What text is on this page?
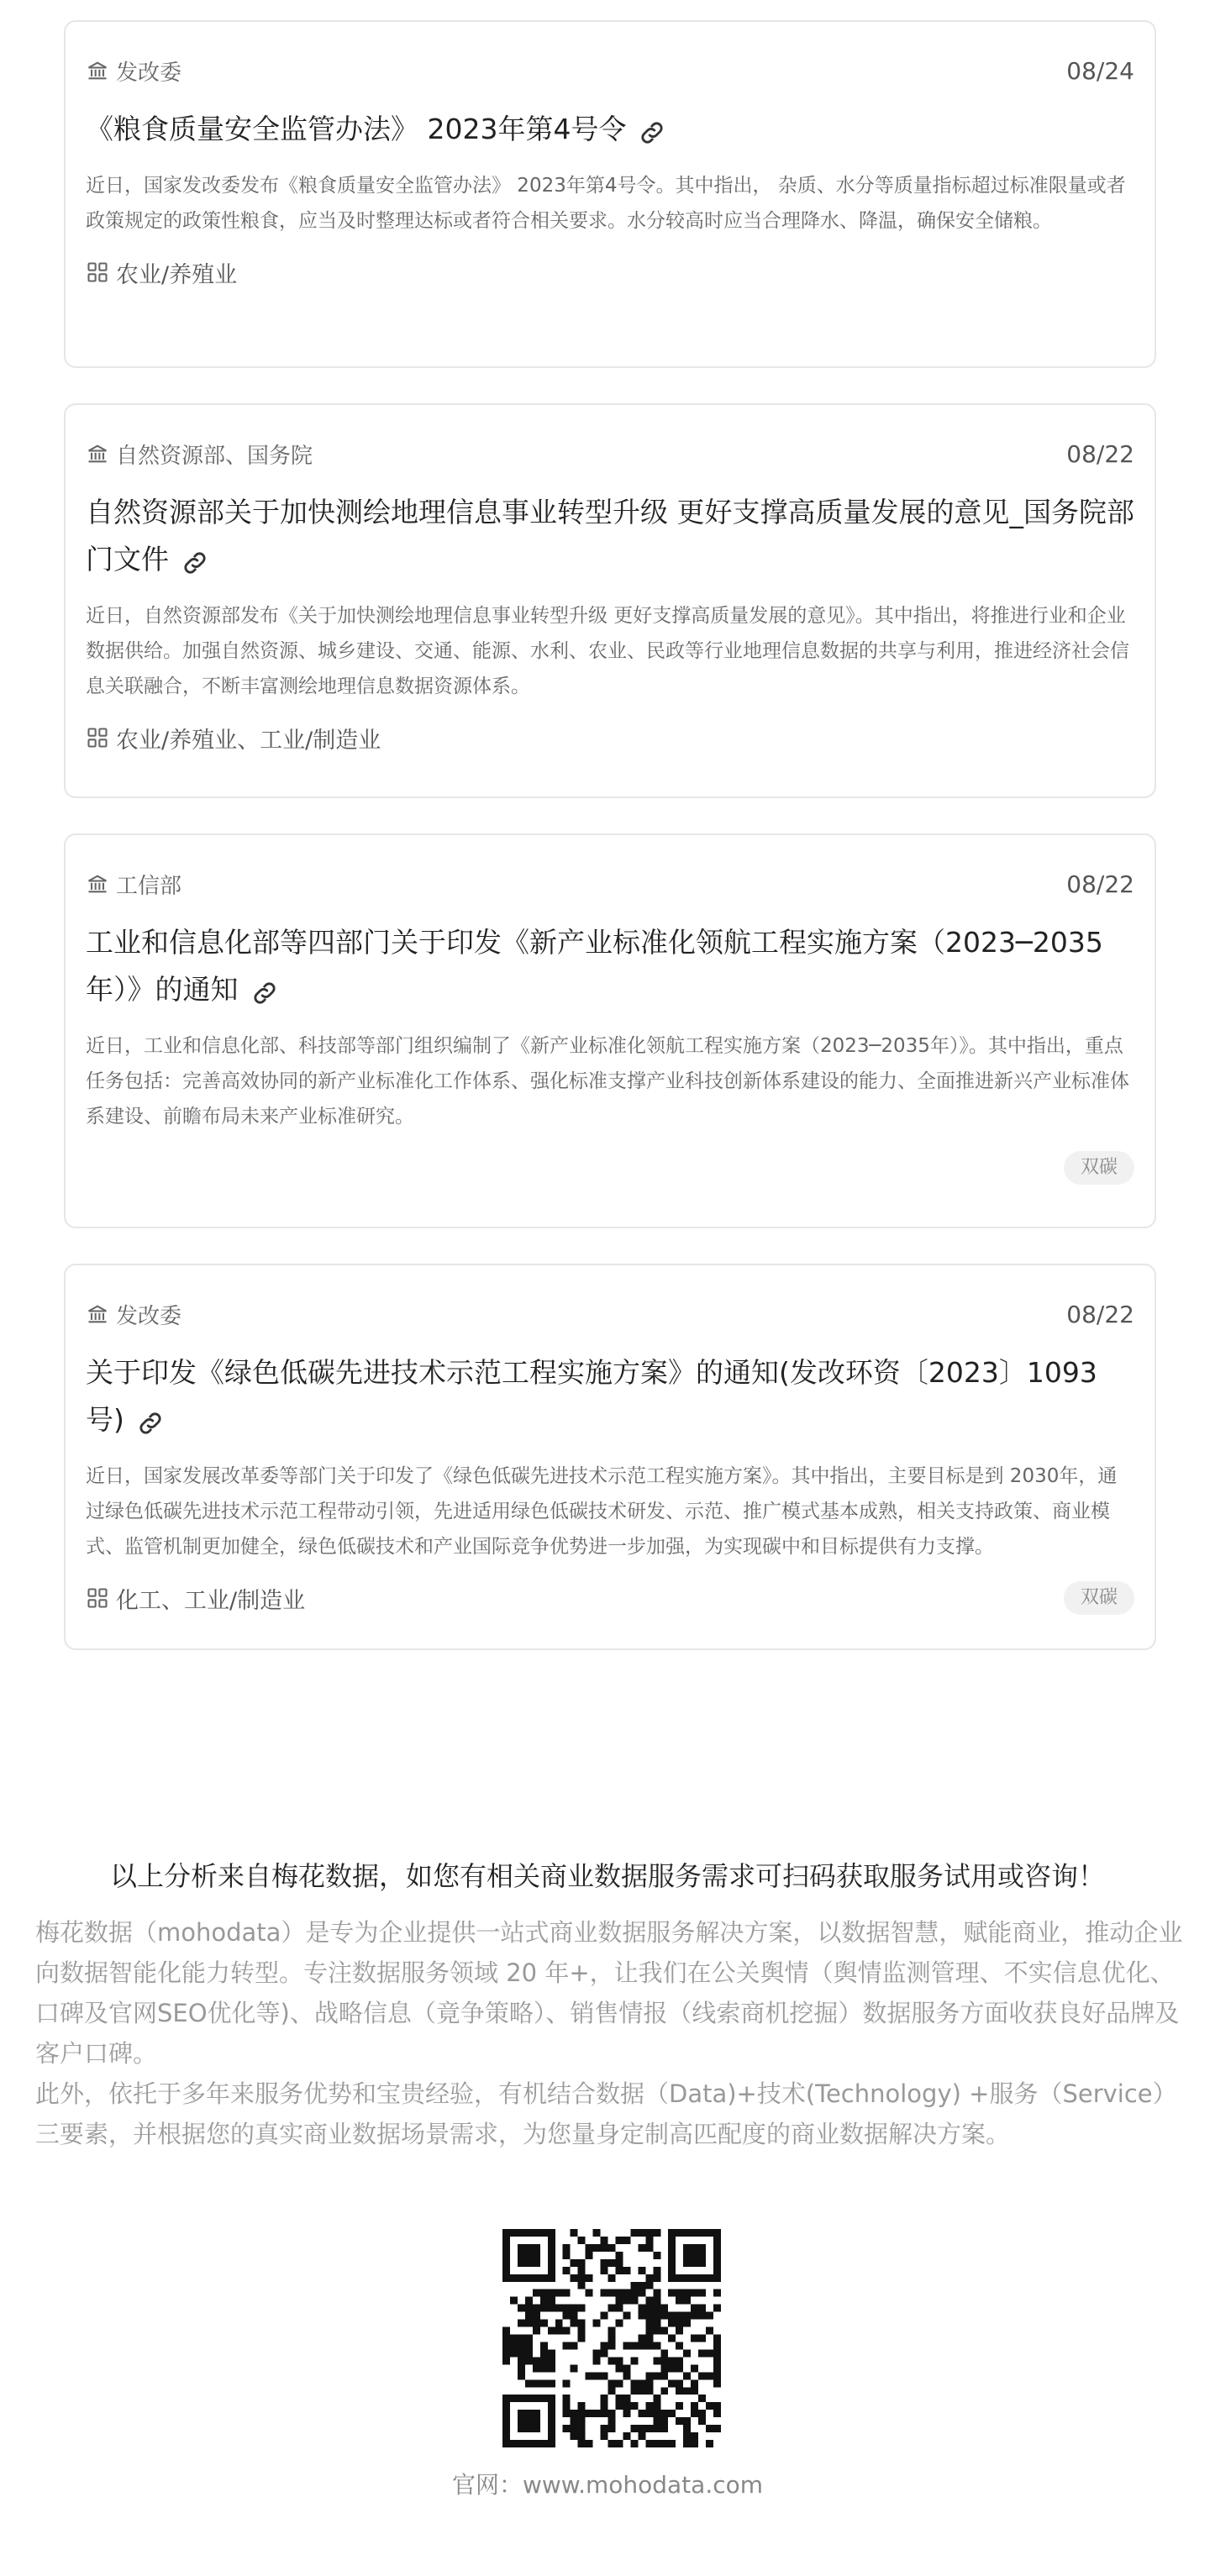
发改委	08/24
《粮食质量安全监管办法》 2023年第4号令
近日，国家发改委发布《粮食质量安全监管办法》 2023年第4号令。其中指出， 杂质、水分等质量指标超过标准限量或者政策规定的政策性粮食，应当及时整理达标或者符合相关要求。水分较高时应当合理降水、降温，确保安全储粮。
农业/养殖业
自然资源部、国务院	08/22
自然资源部关于加快测绘地理信息事业转型升级 更好支撑高质量发展的意见_国务院部门文件
近日，自然资源部发布《关于加快测绘地理信息事业转型升级 更好支撑高质量发展的意见》。其中指出，将推进行业和企业数据供给。加强自然资源、城乡建设、交通、能源、水利、农业、民政等行业地理信息数据的共享与利用，推进经济社会信息关联融合，不断丰富测绘地理信息数据资源体系。
农业/养殖业、工业/制造业
工信部	08/22
工业和信息化部等四部门关于印发《新产业标准化领航工程实施方案（2023─2035年）》的通知
近日，工业和信息化部、科技部等部门组织编制了《新产业标准化领航工程实施方案（2023─2035年）》。其中指出，重点任务包括：完善高效协同的新产业标准化工作体系、强化标准支撑产业科技创新体系建设的能力、全面推进新兴产业标准体系建设、前瞻布局未来产业标准研究。
双碳
发改委	08/22
关于印发《绿色低碳先进技术示范工程实施方案》的通知(发改环资〔2023〕1093号)
近日，国家发展改革委等部门关于印发了《绿色低碳先进技术示范工程实施方案》。其中指出，主要目标是到 2030年，通过绿色低碳先进技术示范工程带动引领，先进适用绿色低碳技术研发、示范、推广模式基本成熟，相关支持政策、商业模式、监管机制更加健全，绿色低碳技术和产业国际竞争优势进一步加强，为实现碳中和目标提供有力支撑。
化工、工业/制造业	双碳
以上分析来自梅花数据，如您有相关商业数据服务需求可扫码获取服务试用或咨询！

梅花数据（mohodata）是专为企业提供一站式商业数据服务解决方案，以数据智慧，赋能商业，推动企业向数据智能化能力转型。专注数据服务领域 20 年+，让我们在公关舆情（舆情监测管理、不实信息优化、口碑及官网SEO优化等)、战略信息（竟争策略）、销售情报（线索商机挖掘）数据服务方面收获良好品牌及客户口碑。

此外，依托于多年来服务优势和宝贵经验，有机结合数据（Data)+技术(Technology) +服务（Service）三要素，并根据您的真实商业数据场景需求，为您量身定制高匹配度的商业数据解决方案。

官网：www.mohodata.com
